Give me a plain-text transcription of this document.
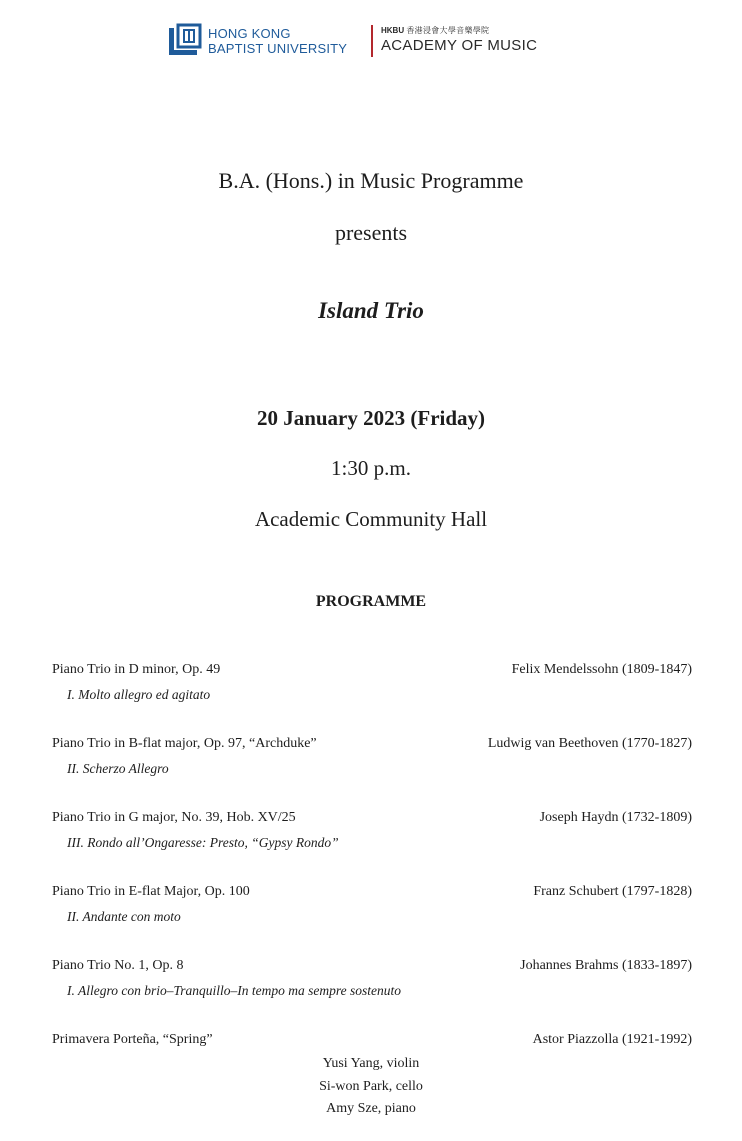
HONG KONG
BAPTIST UNIVERSITY
HKBU 香港浸會大學音樂學院
ACADEMY OF MUSIC
B.A. (Hons.) in Music Programme
presents
Island Trio
20 January 2023 (Friday)
1:30 p.m.
Academic Community Hall
PROGRAMME
Piano Trio in D minor, Op. 49	Felix Mendelssohn (1809-1847)
I. Molto allegro ed agitato
Piano Trio in B-flat major, Op. 97, “Archduke”	Ludwig van Beethoven (1770-1827)
II. Scherzo Allegro
Piano Trio in G major, No. 39, Hob. XV/25	Joseph Haydn (1732-1809)
III. Rondo all’Ongaresse: Presto, “Gypsy Rondo”
Piano Trio in E-flat Major, Op. 100	Franz Schubert (1797-1828)
II. Andante con moto
Piano Trio No. 1, Op. 8	Johannes Brahms (1833-1897)
I. Allegro con brio–Tranquillo–In tempo ma sempre sostenuto
Primavera Porteña, “Spring”	Astor Piazzolla (1921-1992)
Yusi Yang, violin
Si-won Park, cello
Amy Sze, piano
